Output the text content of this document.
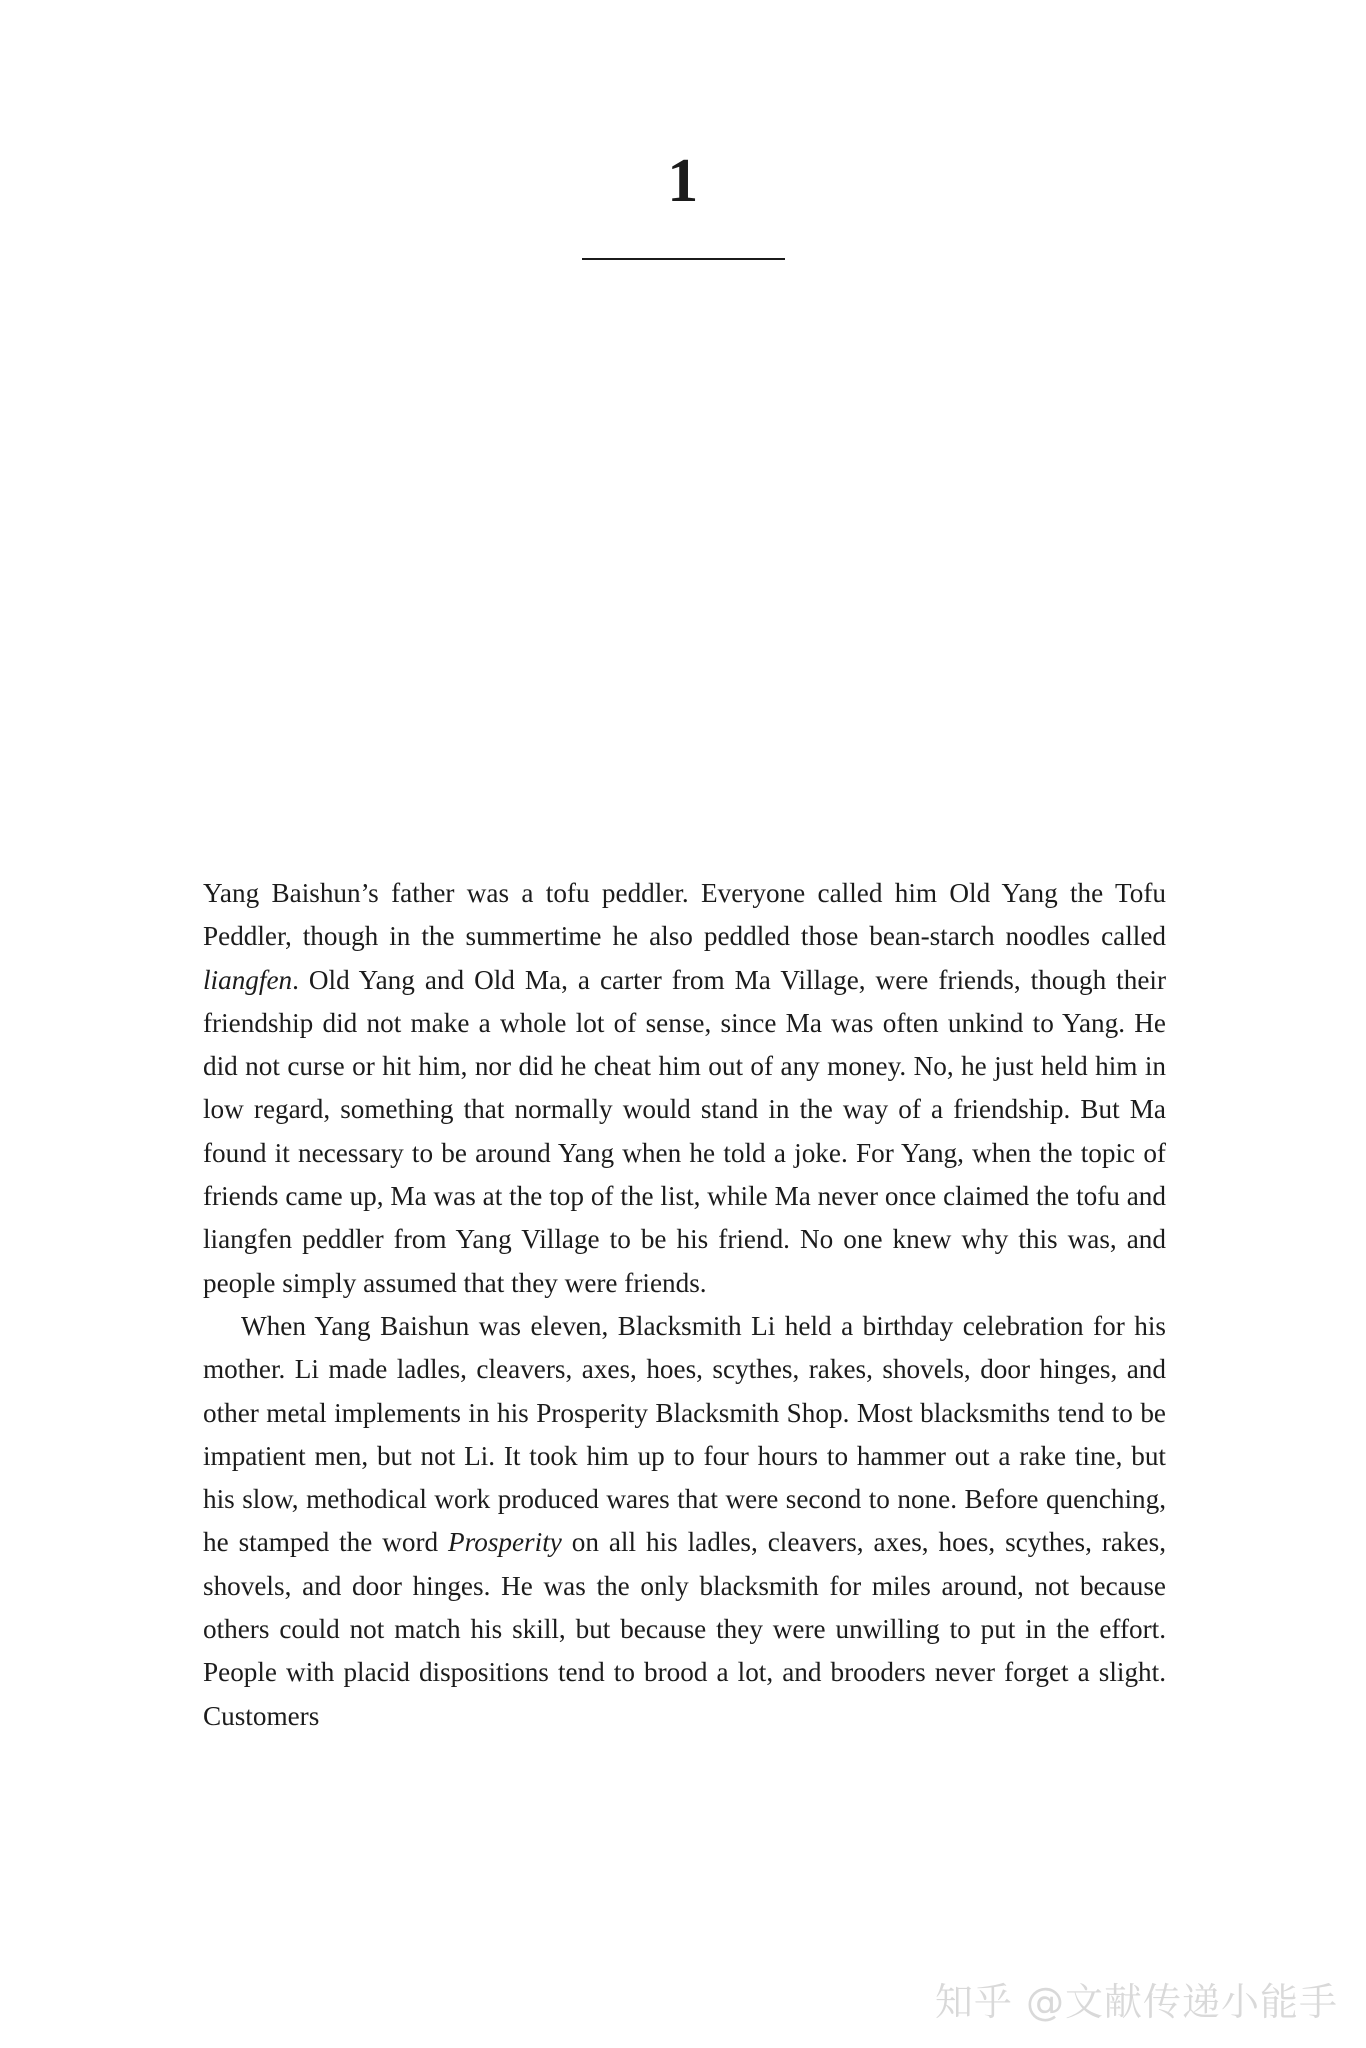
1

Yang Baishun’s father was a tofu peddler. Everyone called him Old Yang the Tofu Peddler, though in the summertime he also peddled those bean-starch noodles called liangfen. Old Yang and Old Ma, a carter from Ma Village, were friends, though their friendship did not make a whole lot of sense, since Ma was often unkind to Yang. He did not curse or hit him, nor did he cheat him out of any money. No, he just held him in low regard, something that normally would stand in the way of a friendship. But Ma found it necessary to be around Yang when he told a joke. For Yang, when the topic of friends came up, Ma was at the top of the list, while Ma never once claimed the tofu and liangfen peddler from Yang Village to be his friend. No one knew why this was, and people simply assumed that they were friends.

When Yang Baishun was eleven, Blacksmith Li held a birthday celebration for his mother. Li made ladles, cleavers, axes, hoes, scythes, rakes, shovels, door hinges, and other metal implements in his Prosperity Blacksmith Shop. Most blacksmiths tend to be impatient men, but not Li. It took him up to four hours to hammer out a rake tine, but his slow, methodical work produced wares that were second to none. Before quenching, he stamped the word Prosperity on all his ladles, cleavers, axes, hoes, scythes, rakes, shovels, and door hinges. He was the only blacksmith for miles around, not because others could not match his skill, but because they were unwilling to put in the effort. People with placid dispositions tend to brood a lot, and brooders never forget a slight. Customers

知乎 @文献传递小能手
